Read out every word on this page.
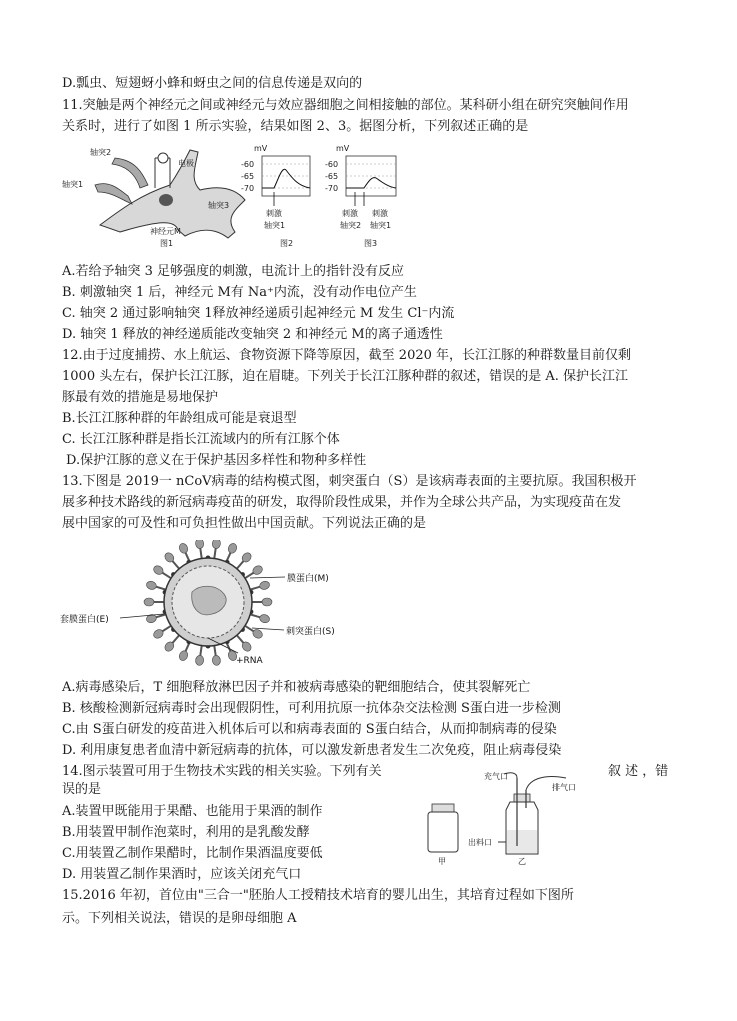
D.瓢虫、短翅蚜小蜂和蚜虫之间的信息传递是双向的
11.突触是两个神经元之间或神经元与效应器细胞之间相接触的部位。某科研小组在研究突触间作用
关系时，进行了如图 1 所示实验，结果如图 2、3。据图分析，下列叙述正确的是
轴突2
电极
轴突1
轴突3
神经元M
图1
mV
-60
-65
-70
刺激
轴突1
图2
mV
-60
-65
-70
刺激
轴突2
刺激
轴突1
图3
A.若给予轴突 3 足够强度的刺激，电流计上的指针没有反应
B. 刺激轴突 1 后，神经元 M有 Na⁺内流，没有动作电位产生
C. 轴突 2 通过影响轴突 1释放神经递质引起神经元 M 发生 Cl⁻内流
D. 轴突 1 释放的神经递质能改变轴突 2 和神经元 M的离子通透性
12.由于过度捕捞、水上航运、食物资源下降等原因，截至 2020 年，长江江豚的种群数量目前仅剩
1000 头左右，保护长江江豚，迫在眉睫。下列关于长江江豚种群的叙述，错误的是 A. 保护长江江
豚最有效的措施是易地保护
B.长江江豚种群的年龄组成可能是衰退型
C. 长江江豚种群是指长江流域内的所有江豚个体
D.保护江豚的意义在于保护基因多样性和物种多样性
13.下图是 2019一 nCoV病毒的结构模式图，刺突蛋白（S）是该病毒表面的主要抗原。我国积极开
展多种技术路线的新冠病毒疫苗的研发，取得阶段性成果，并作为全球公共产品，为实现疫苗在发
展中国家的可及性和可负担性做出中国贡献。下列说法正确的是
膜蛋白(M)
套膜蛋白(E)
刺突蛋白(S)
+RNA
A.病毒感染后，T 细胞释放淋巴因子并和被病毒感染的靶细胞结合，使其裂解死亡
B. 核酸检测新冠病毒时会出现假阴性，可利用抗原一抗体杂交法检测 S蛋白进一步检测
C.由 S蛋白研发的疫苗进入机体后可以和病毒表面的 S蛋白结合，从而抑制病毒的侵染
D. 利用康复患者血清中新冠病毒的抗体，可以激发新患者发生二次免疫，阻止病毒侵染
14.图示装置可用于生物技术实践的相关实验。下列有关	叙 述 ，错
误的是
A.装置甲既能用于果醋、也能用于果酒的制作
B.用装置甲制作泡菜时，利用的是乳酸发酵
C.用装置乙制作果醋时，比制作果酒温度要低
D. 用装置乙制作果酒时，应该关闭充气口
甲
充气口
排气口
出料口
乙
15.2016 年初，首位由"三合一"胚胎人工授精技术培育的婴儿出生，其培育过程如下图所
示。下列相关说法，错误的是卵母细胞 A
